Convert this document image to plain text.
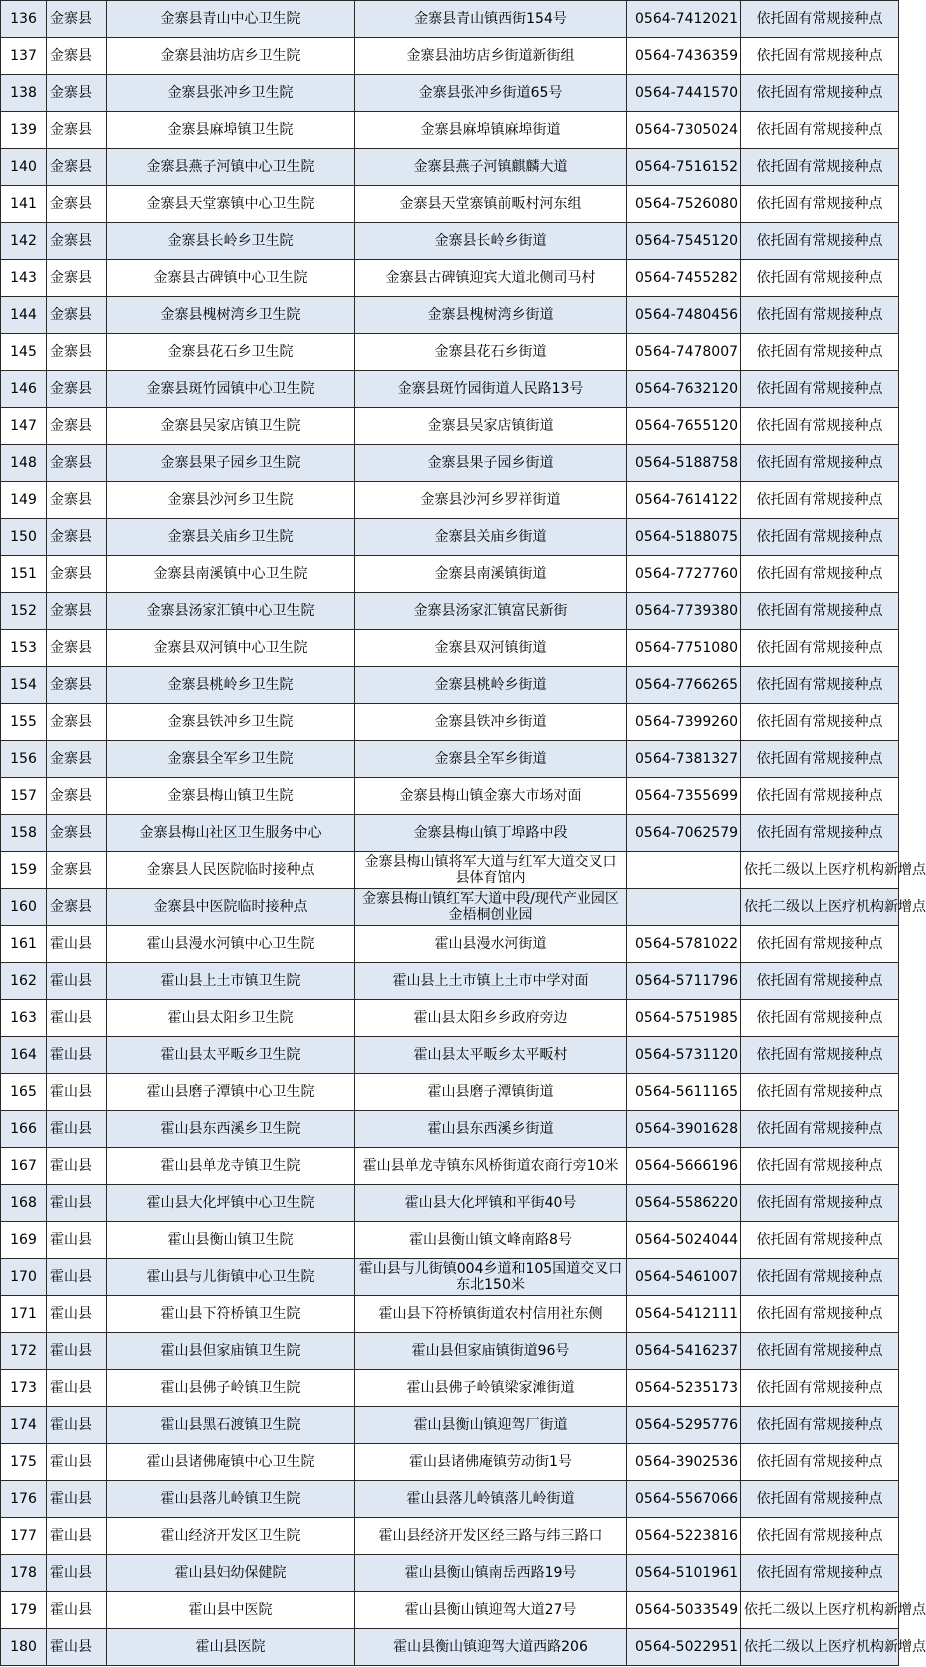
136	金寨县	金寨县青山中心卫生院	金寨县青山镇西街154号	0564-7412021	依托固有常规接种点
137	金寨县	金寨县油坊店乡卫生院	金寨县油坊店乡街道新街组	0564-7436359	依托固有常规接种点
138	金寨县	金寨县张冲乡卫生院	金寨县张冲乡街道65号	0564-7441570	依托固有常规接种点
139	金寨县	金寨县麻埠镇卫生院	金寨县麻埠镇麻埠街道	0564-7305024	依托固有常规接种点
140	金寨县	金寨县燕子河镇中心卫生院	金寨县燕子河镇麒麟大道	0564-7516152	依托固有常规接种点
141	金寨县	金寨县天堂寨镇中心卫生院	金寨县天堂寨镇前畈村河东组	0564-7526080	依托固有常规接种点
142	金寨县	金寨县长岭乡卫生院	金寨县长岭乡街道	0564-7545120	依托固有常规接种点
143	金寨县	金寨县古碑镇中心卫生院	金寨县古碑镇迎宾大道北侧司马村	0564-7455282	依托固有常规接种点
144	金寨县	金寨县槐树湾乡卫生院	金寨县槐树湾乡街道	0564-7480456	依托固有常规接种点
145	金寨县	金寨县花石乡卫生院	金寨县花石乡街道	0564-7478007	依托固有常规接种点
146	金寨县	金寨县斑竹园镇中心卫生院	金寨县斑竹园街道人民路13号	0564-7632120	依托固有常规接种点
147	金寨县	金寨县吴家店镇卫生院	金寨县吴家店镇街道	0564-7655120	依托固有常规接种点
148	金寨县	金寨县果子园乡卫生院	金寨县果子园乡街道	0564-5188758	依托固有常规接种点
149	金寨县	金寨县沙河乡卫生院	金寨县沙河乡罗祥街道	0564-7614122	依托固有常规接种点
150	金寨县	金寨县关庙乡卫生院	金寨县关庙乡街道	0564-5188075	依托固有常规接种点
151	金寨县	金寨县南溪镇中心卫生院	金寨县南溪镇街道	0564-7727760	依托固有常规接种点
152	金寨县	金寨县汤家汇镇中心卫生院	金寨县汤家汇镇富民新街	0564-7739380	依托固有常规接种点
153	金寨县	金寨县双河镇中心卫生院	金寨县双河镇街道	0564-7751080	依托固有常规接种点
154	金寨县	金寨县桃岭乡卫生院	金寨县桃岭乡街道	0564-7766265	依托固有常规接种点
155	金寨县	金寨县铁冲乡卫生院	金寨县铁冲乡街道	0564-7399260	依托固有常规接种点
156	金寨县	金寨县全军乡卫生院	金寨县全军乡街道	0564-7381327	依托固有常规接种点
157	金寨县	金寨县梅山镇卫生院	金寨县梅山镇金寨大市场对面	0564-7355699	依托固有常规接种点
158	金寨县	金寨县梅山社区卫生服务中心	金寨县梅山镇丁埠路中段	0564-7062579	依托固有常规接种点
159	金寨县	金寨县人民医院临时接种点	金寨县梅山镇将军大道与红军大道交叉口县体育馆内		依托二级以上医疗机构新增点
160	金寨县	金寨县中医院临时接种点	金寨县梅山镇红军大道中段/现代产业园区金梧桐创业园		依托二级以上医疗机构新增点
161	霍山县	霍山县漫水河镇中心卫生院	霍山县漫水河街道	0564-5781022	依托固有常规接种点
162	霍山县	霍山县上土市镇卫生院	霍山县上土市镇上土市中学对面	0564-5711796	依托固有常规接种点
163	霍山县	霍山县太阳乡卫生院	霍山县太阳乡乡政府旁边	0564-5751985	依托固有常规接种点
164	霍山县	霍山县太平畈乡卫生院	霍山县太平畈乡太平畈村	0564-5731120	依托固有常规接种点
165	霍山县	霍山县磨子潭镇中心卫生院	霍山县磨子潭镇街道	0564-5611165	依托固有常规接种点
166	霍山县	霍山县东西溪乡卫生院	霍山县东西溪乡街道	0564-3901628	依托固有常规接种点
167	霍山县	霍山县单龙寺镇卫生院	霍山县单龙寺镇东风桥街道农商行旁10米	0564-5666196	依托固有常规接种点
168	霍山县	霍山县大化坪镇中心卫生院	霍山县大化坪镇和平街40号	0564-5586220	依托固有常规接种点
169	霍山县	霍山县衡山镇卫生院	霍山县衡山镇文峰南路8号	0564-5024044	依托固有常规接种点
170	霍山县	霍山县与儿街镇中心卫生院	霍山县与儿街镇004乡道和105国道交叉口东北150米	0564-5461007	依托固有常规接种点
171	霍山县	霍山县下符桥镇卫生院	霍山县下符桥镇街道农村信用社东侧	0564-5412111	依托固有常规接种点
172	霍山县	霍山县但家庙镇卫生院	霍山县但家庙镇街道96号	0564-5416237	依托固有常规接种点
173	霍山县	霍山县佛子岭镇卫生院	霍山县佛子岭镇梁家滩街道	0564-5235173	依托固有常规接种点
174	霍山县	霍山县黑石渡镇卫生院	霍山县衡山镇迎驾厂街道	0564-5295776	依托固有常规接种点
175	霍山县	霍山县诸佛庵镇中心卫生院	霍山县诸佛庵镇劳动街1号	0564-3902536	依托固有常规接种点
176	霍山县	霍山县落儿岭镇卫生院	霍山县落儿岭镇落儿岭街道	0564-5567066	依托固有常规接种点
177	霍山县	霍山经济开发区卫生院	霍山县经济开发区经三路与纬三路口	0564-5223816	依托固有常规接种点
178	霍山县	霍山县妇幼保健院	霍山县衡山镇南岳西路19号	0564-5101961	依托固有常规接种点
179	霍山县	霍山县中医院	霍山县衡山镇迎驾大道27号	0564-5033549	依托二级以上医疗机构新增点
180	霍山县	霍山县医院	霍山县衡山镇迎驾大道西路206	0564-5022951	依托二级以上医疗机构新增点
